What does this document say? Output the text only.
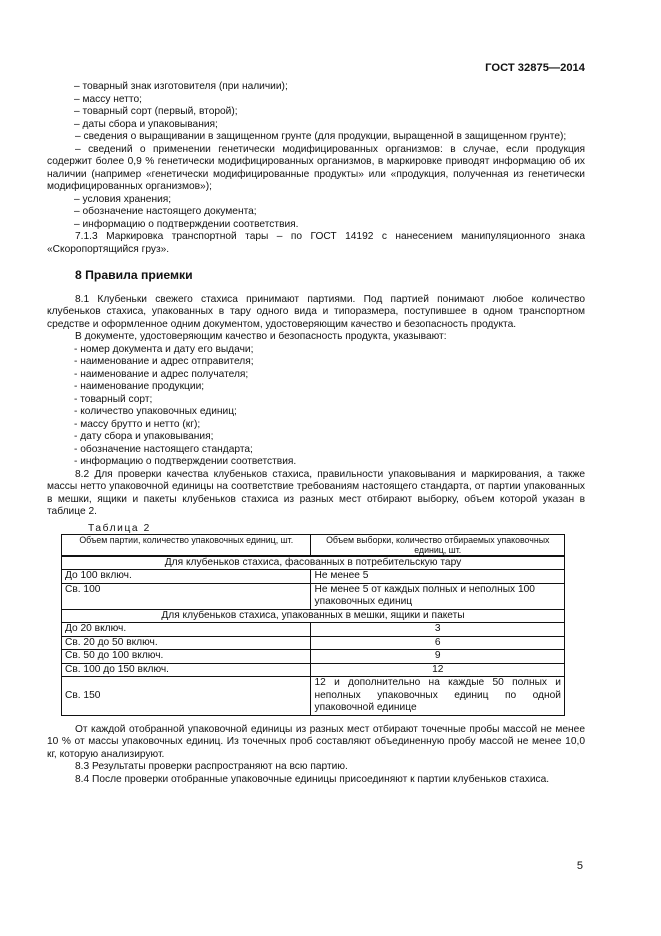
ГОСТ 32875—2014

– товарный знак изготовителя (при наличии);

– массу нетто;

– товарный сорт (первый, второй);

– даты сбора и упаковывания;

– сведения о выращивании в защищенном грунте (для продукции, выращенной в защищенном грунте);

– сведений о применении генетически модифицированных организмов: в случае, если продукция содержит более 0,9 % генетически модифицированных организмов, в маркировке приводят информацию об их наличии (например «генетически модифицированные продукты» или «продукция, полученная из генетически модифицированных организмов»);

– условия хранения;

– обозначение настоящего документа;

– информацию о подтверждении соответствия.

7.1.3 Маркировка транспортной тары – по ГОСТ 14192 с нанесением манипуляционного знака «Скоропортящийся груз».

8 Правила приемки

8.1 Клубеньки свежего стахиса принимают партиями. Под партией понимают любое количество клубеньков стахиса, упакованных в тару одного вида и типоразмера, поступившее в одном транспортном средстве и оформленное одним документом, удостоверяющим качество и безопасность продукта.

В документе, удостоверяющим качество и безопасность продукта, указывают:

- номер документа и дату его выдачи;

- наименование и адрес отправителя;

- наименование и адрес получателя;

- наименование продукции;

- товарный сорт;

- количество упаковочных единиц;

- массу брутто и нетто (кг);

- дату сбора и упаковывания;

- обозначение настоящего стандарта;

- информацию о подтверждении соответствия.

8.2 Для проверки качества клубеньков стахиса, правильности упаковывания и маркирования, а также массы нетто упаковочной единицы на соответствие требованиям настоящего стандарта, от партии упакованных в мешки, ящики и пакеты клубеньков стахиса из разных мест отбирают выборку, объем которой указан в таблице 2.

Таблица 2

Объем партии, количество упаковочных единиц, шт.	Объем выборки, количество отбираемых упаковочных единиц, шт.
Для клубеньков стахиса, фасованных в потребительскую тару	
До 100 включ.	Не менее 5
Св. 100	Не менее 5 от каждых полных и неполных 100 упаковочных единиц
Для клубеньков стахиса, упакованных в мешки, ящики и пакеты	
До 20 включ.	3
Св. 20 до 50 включ.	6
Св. 50 до 100 включ.	9
Св. 100 до 150 включ.	12
Св. 150	12 и дополнительно на каждые 50 полных и неполных упаковочных единиц по одной упаковочной единице

От каждой отобранной упаковочной единицы из разных мест отбирают точечные пробы массой не менее 10 % от массы упаковочных единиц. Из точечных проб составляют объединенную пробу массой не менее 10,0 кг, которую анализируют.

8.3 Результаты проверки распространяют на всю партию.

8.4 После проверки отобранные упаковочные единицы присоединяют к партии клубеньков стахиса.

5
